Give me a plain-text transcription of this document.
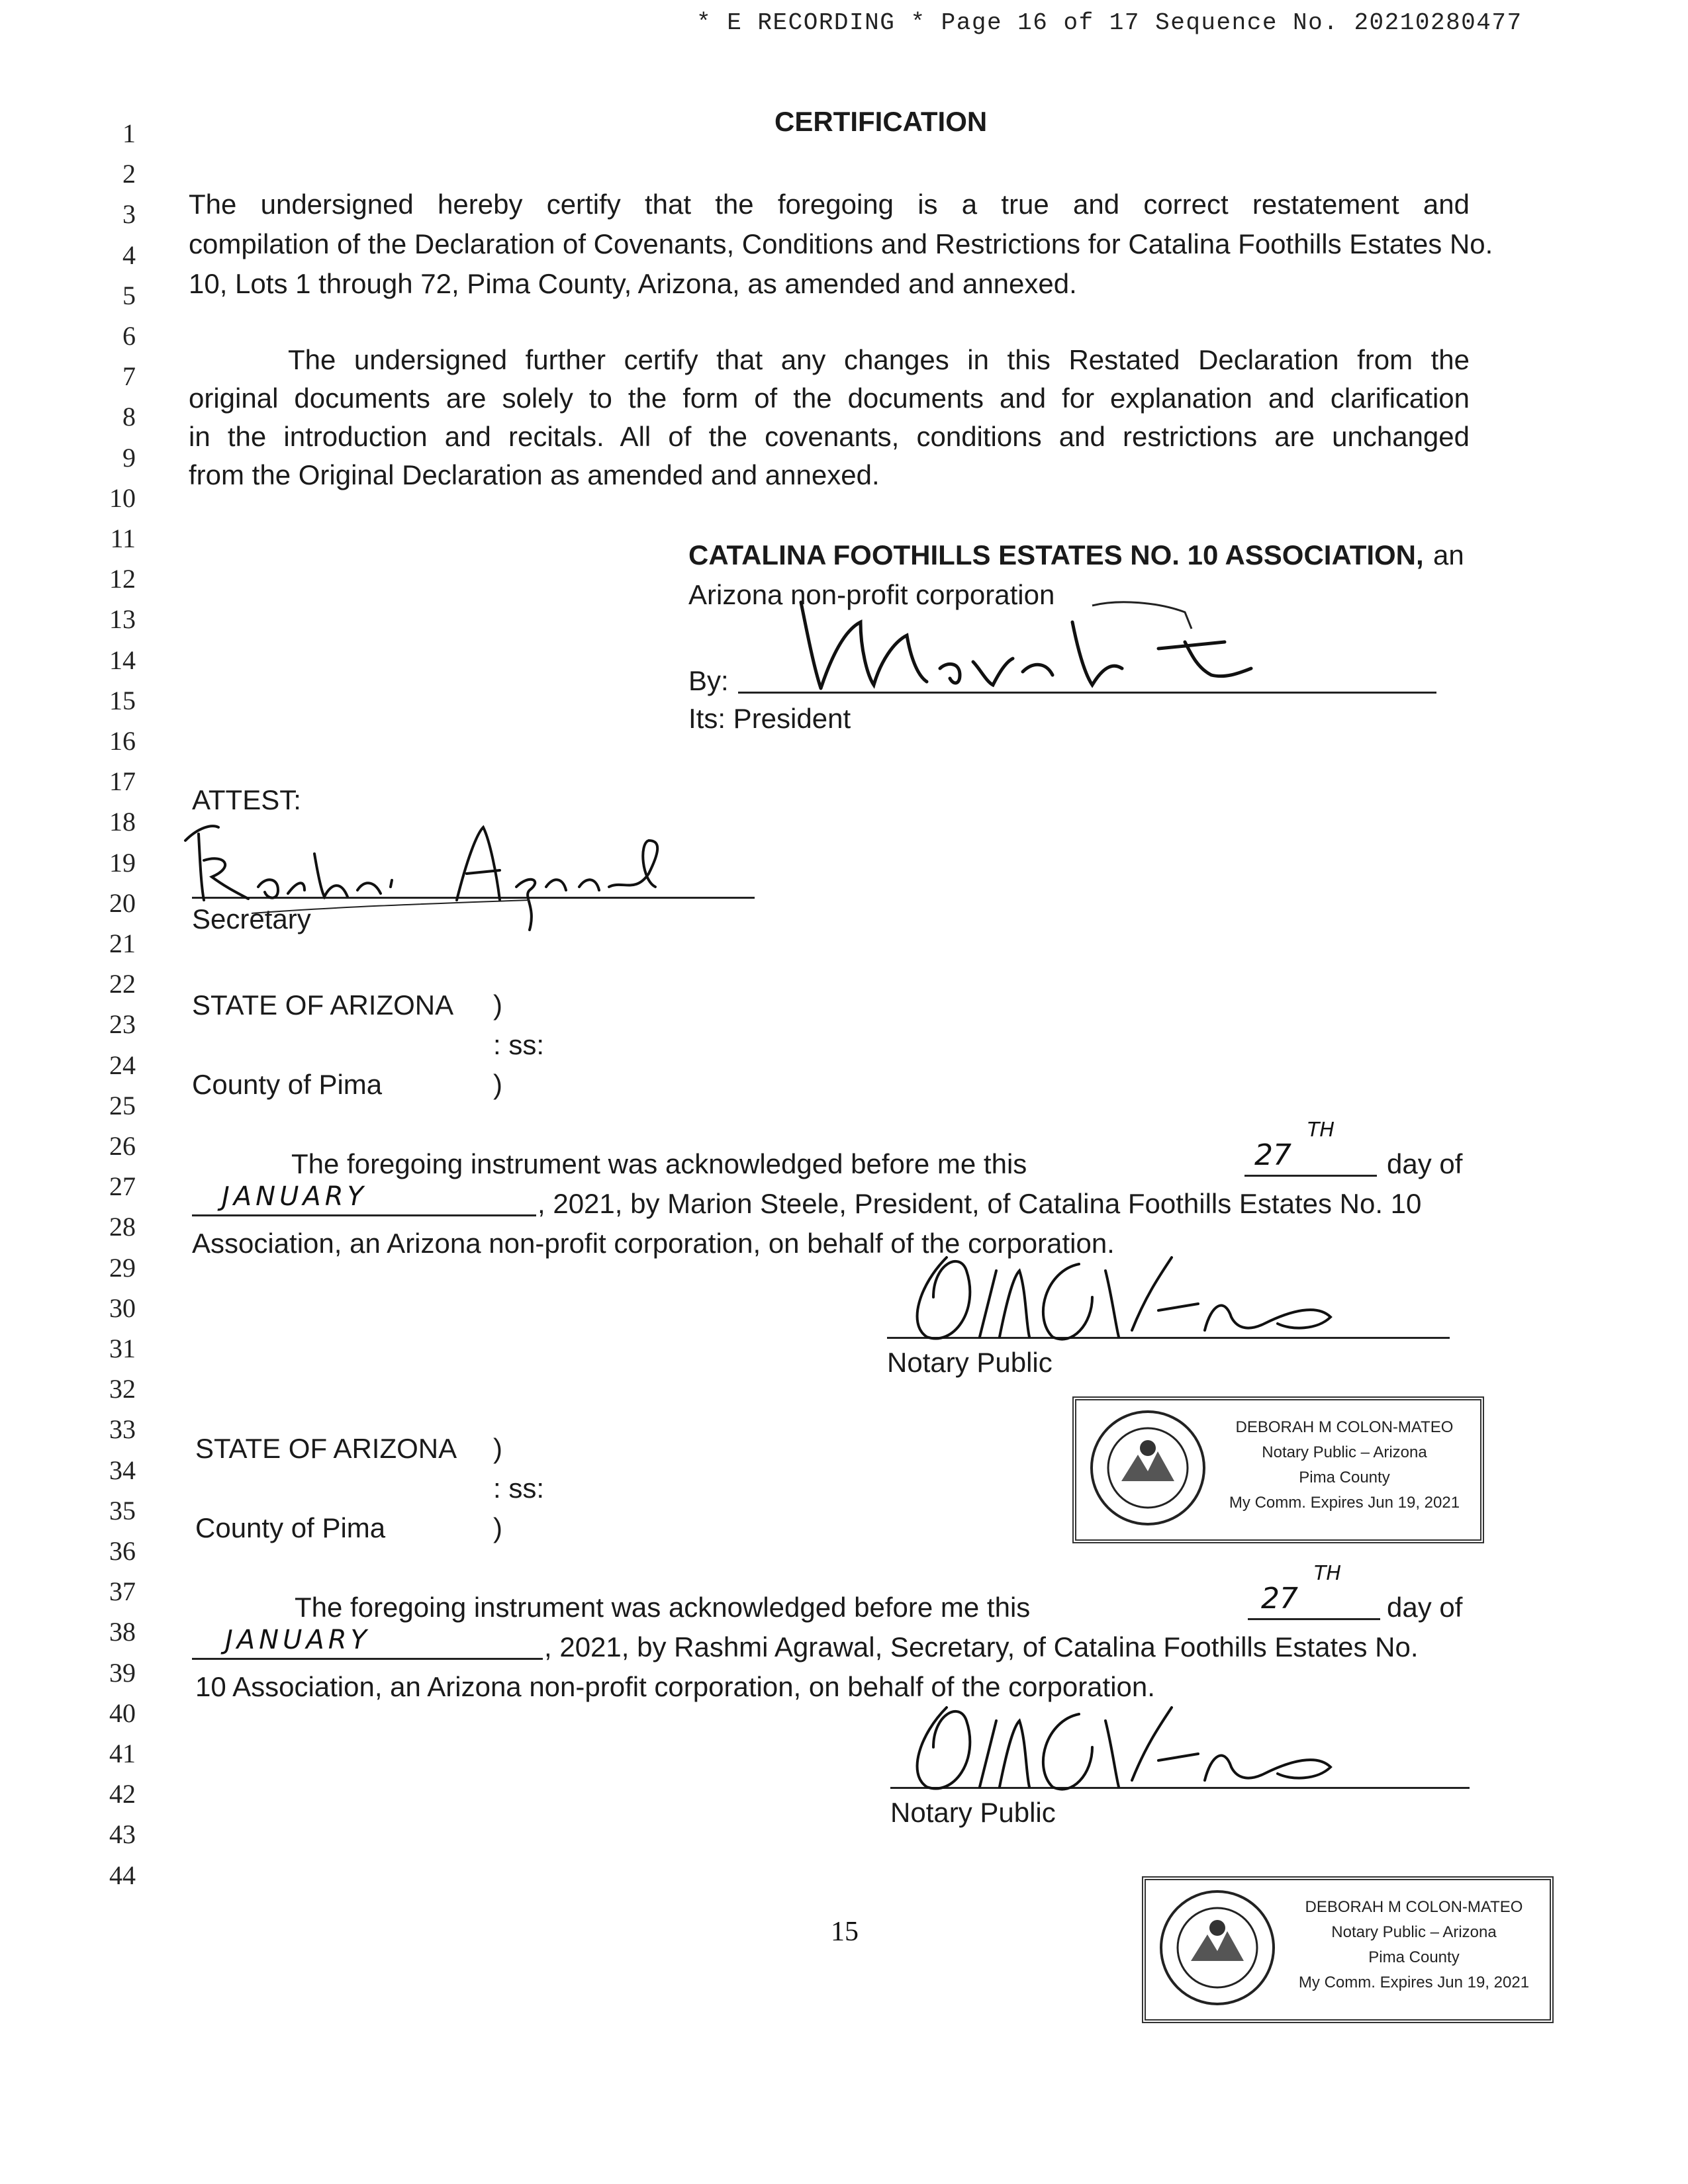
* E RECORDING * Page 16 of 17 Sequence No. 20210280477
1
2
3
4
5
6
7
8
9
10
11
12
13
14
15
16
17
18
19
20
21
22
23
24
25
26
27
28
29
30
31
32
33
34
35
36
37
38
39
40
41
42
43
44
CERTIFICATION
The undersigned hereby certify that the foregoing is a true and correct restatement and
compilation of the Declaration of Covenants, Conditions and Restrictions for Catalina Foothills Estates No.
10, Lots 1 through 72, Pima County, Arizona, as amended and annexed.
The undersigned further certify that any changes in this Restated Declaration from the
original documents are solely to the form of the documents and for explanation and clarification
in the introduction and recitals. All of the covenants, conditions and restrictions are unchanged
from the Original Declaration as amended and annexed.
CATALINA FOOTHILLS ESTATES NO. 10 ASSOCIATION, an
Arizona non-profit corporation
By:
Its: President
ATTEST:
Secretary
STATE OF ARIZONA )
: ss:
County of Pima	)
The foregoing instrument was acknowledged before me this	27
TH
day of
JANUARY	, 2021, by Marion Steele, President, of Catalina Foothills Estates No. 10
Association, an Arizona non-profit corporation, on behalf of the corporation.
Notary Public
DEBORAH M COLON-MATEO
Notary Public – Arizona
Pima County
My Comm. Expires Jun 19, 2021
STATE OF ARIZONA )
: ss:
County of Pima	)
The foregoing instrument was acknowledged before me this	27
TH
day of
JANUARY	, 2021, by Rashmi Agrawal, Secretary, of Catalina Foothills Estates No.
10 Association, an Arizona non-profit corporation, on behalf of the corporation.
Notary Public
15
DEBORAH M COLON-MATEO
Notary Public – Arizona
Pima County
My Comm. Expires Jun 19, 2021
